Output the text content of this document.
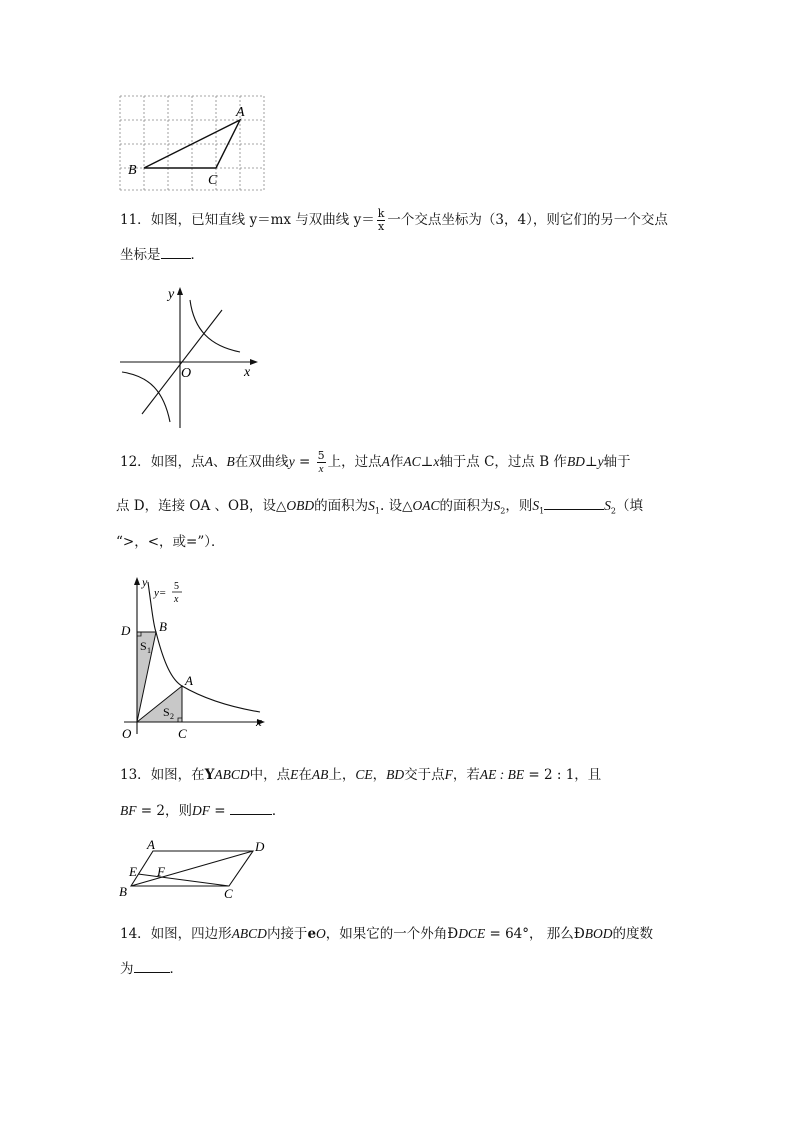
A
B
C
11．如图，已知直线 y＝mx 与双曲线 $y= \frac{k}{x}$ 一个交点坐标为（3，4），则它们的另一个交点
坐标是 ．
y
x
O
12．如图，点A、B在双曲线$y = \frac{5}{x}$ 上，过点A作AC⊥x轴于点 C，过点 B 作BD⊥y轴于
点 D，连接 OA 、OB，设△OBD的面积为$S_1$. 设△OAC的面积为$S_2$，则$S_1$	$S_2$（填
“>，<，或=”）．
y
y=
5
x
D B
S 1
A
S 2
O	C
x
13．如图，在YABCD中，点E在AB上，CE，BD交于点F，若AE : BE = 2 : 1，且
BF = 2，则DF =	．
A	D
E F
B	C
14．如图，四边形ABCD内接于eO，如果它的一个外角ÐDCE = 64°， 那么ÐBOD的度数
为	．
